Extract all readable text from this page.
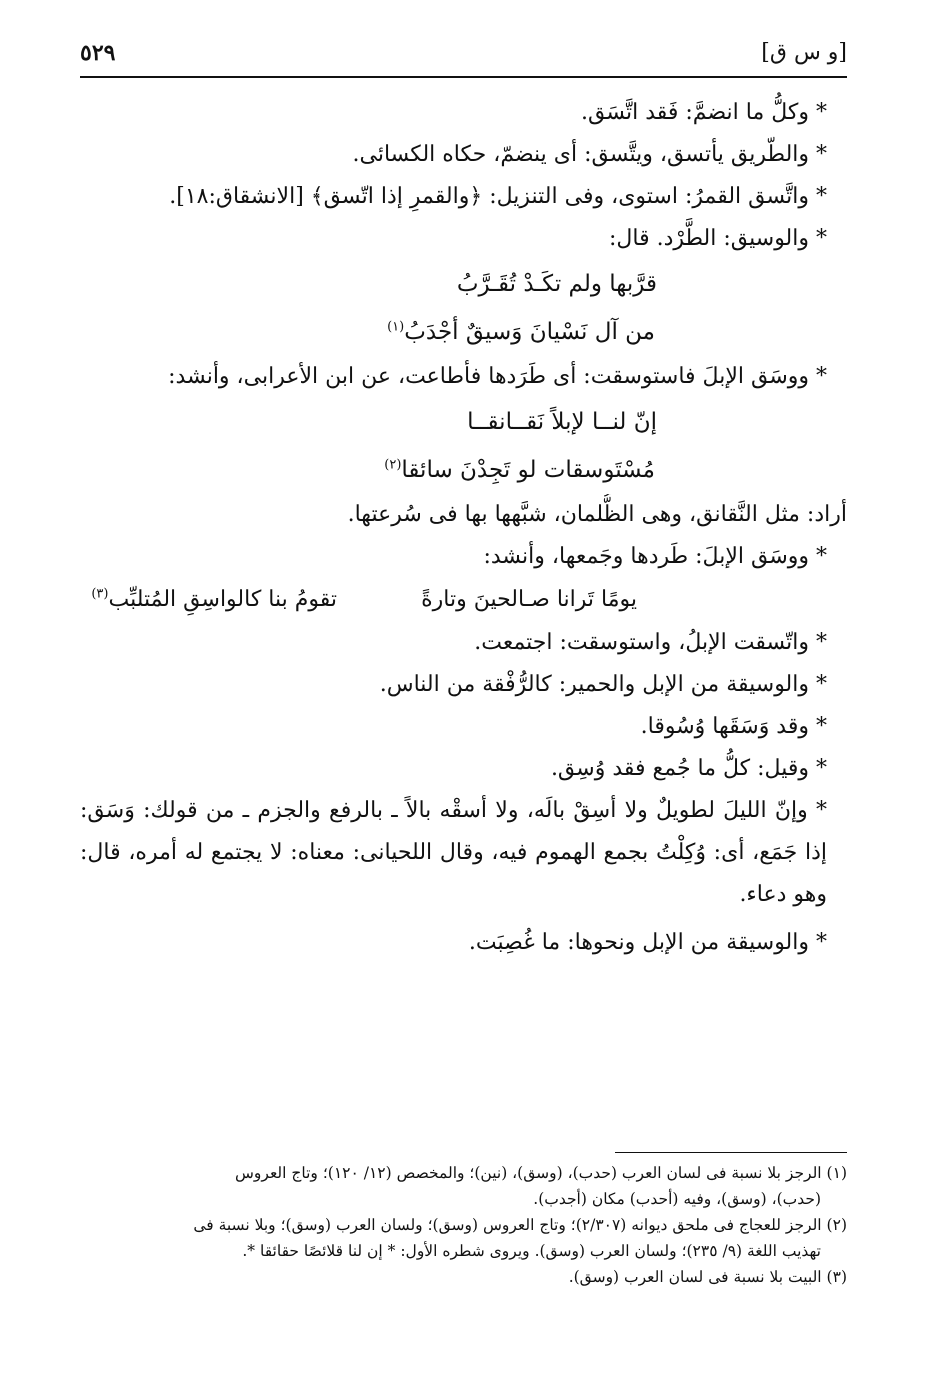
٥٢٩	[و س ق]
* وكلُّ ما انضمَّ: فَقد اتَّسَق.
* والطّريق يأتسق، ويتَّسق: أى ينضمّ، حكاه الكسائى.
* واتَّسق القمرُ: استوى، وفى التنزيل: ﴿والقمرِ إذا اتّسق﴾ [الانشقاق:١٨].
* والوسيق: الطَّرْد. قال:
قرَّبها ولم تكَـدْ تُقَـرَّبُ
من آل نَسْيانَ وَسيقٌ أجْدَبُ$^{(١)}$
* ووسَق الإبلَ فاستوسقت: أى طَرَدها فأطاعت، عن ابن الأعرابى، وأنشد:
إنّ لنــا لإبلاً نَقــانقــا
مُسْتَوسقات لو تَجِدْنَ سائقا$^{(٢)}$
أراد: مثل النَّقانق، وهى الظُّلمان، شبَّهها بها فى سُرعتها.
* ووسَق الإبلَ: طَردها وجَمعها، وأنشد:
يومًا تَرانا صـالحينَ وتارةً
تقومُ بنا كالواسِقِ المُتلبِّب$^{(٣)}$
* واتّسقت الإبلُ، واستوسقت: اجتمعت.
* والوسيقة من الإبل والحمير: كالرُّفْقة من الناس.
* وقد وَسَقَها وُسُوقا.
* وقيل: كلُّ ما جُمع فقد وُسِق.
* وإنّ الليلَ لطويلٌ ولا أسِقْ بالَه، ولا أسقْه بالاً ـ بالرفع والجزم ـ من قولك: وَسَق: إذا جَمَع، أى: وُكِلْتُ بجمع الهموم فيه، وقال اللحيانى: معناه: لا يجتمع له أمره، قال: وهو دعاء.
* والوسيقة من الإبل ونحوها: ما غُصِبَت.
(١) الرجز بلا نسبة فى لسان العرب (حدب)، (وسق)، (نين)؛ والمخصص (١٢/ ١٢٠)؛ وتاج العروس
(حدب)، (وسق)، وفيه (أحدب) مكان (أجدب).
(٢) الرجز للعجاج فى ملحق ديوانه (٢/٣٠٧)؛ وتاج العروس (وسق)؛ ولسان العرب (وسق)؛ وبلا نسبة فى
تهذيب اللغة (٩/ ٢٣٥)؛ ولسان العرب (وسق). ويروى شطره الأول: * إن لنا قلائصًا حقائقا *.
(٣) البيت بلا نسبة فى لسان العرب (وسق).
